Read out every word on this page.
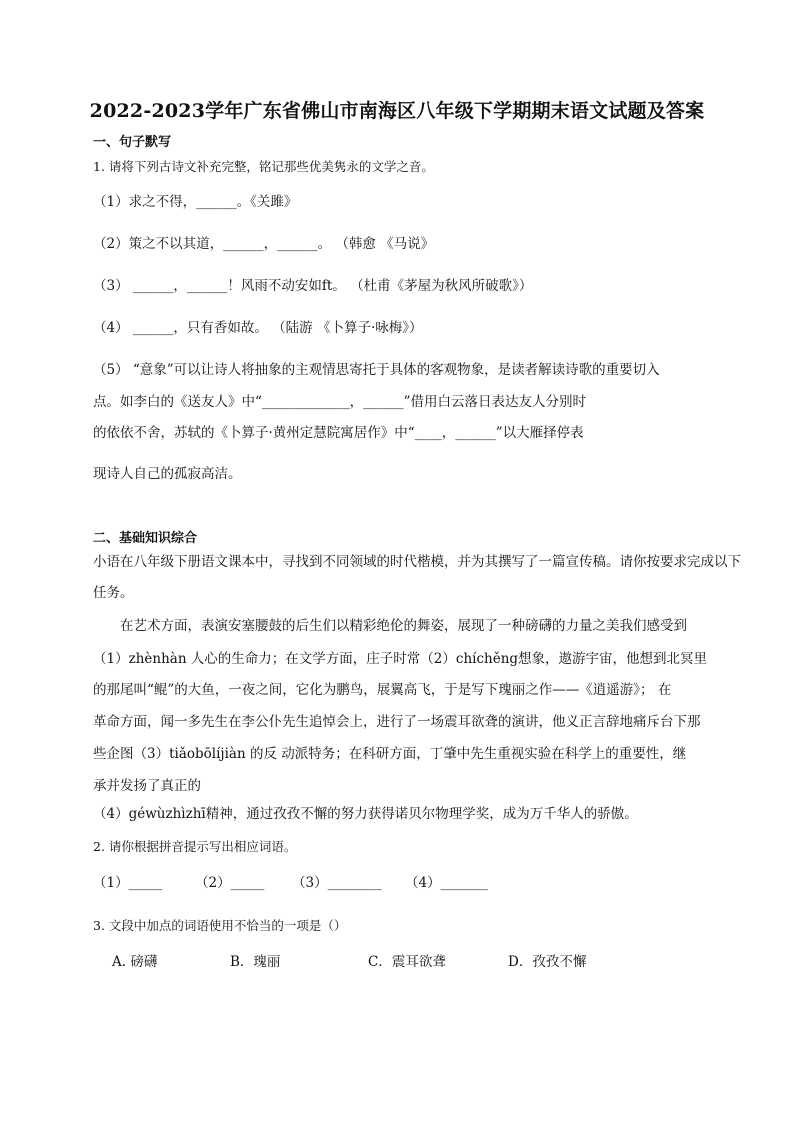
2022-2023学年广东省佛山市南海区八年级下学期期末语文试题及答案
一、句子默写
1. 请将下列古诗文补充完整，铭记那些优美隽永的文学之音。
（1）求之不得，______。《关雎》
（2）策之不以其道，______，______。 （韩愈 《马说》
（3） ______，______！风雨不动安如ft。 （杜甫《茅屋为秋风所破歌》）
（4） ______，只有香如故。 （陆游 《卜算子·咏梅》）
（5） “意象”可以让诗人将抽象的主观情思寄托于具体的客观物象，是读者解读诗歌的重要切入
点。如李白的《送友人》中“_____________，______”借用白云落日表达友人分别时
的依依不舍，苏轼的《卜算子·黄州定慧院寓居作》中“____，______”以大雁择停表
现诗人自己的孤寂高洁。
二、基础知识综合
小语在八年级下册语文课本中，寻找到不同领域的时代楷模，并为其撰写了一篇宣传稿。请你按要求完成以下
任务。
在艺术方面，表演安塞腰鼓的后生们以精彩绝伦的舞姿，展现了一种磅礴的力量之美我们感受到
（1）zhènhàn 人心的生命力；在文学方面，庄子时常（2）chíchěng想象，遨游宇宙，他想到北冥里
的那尾叫“鲲”的大鱼，一夜之间，它化为鹏鸟，展翼高飞，于是写下瑰丽之作——《逍遥游》； 在
革命方面，闻一多先生在李公仆先生追悼会上，进行了一场震耳欲聋的演讲，他义正言辞地痛斥台下那
些企图（3）tiǎobōlíjiàn 的反 动派特务；在科研方面，丁肇中先生重视实验在科学上的重要性，继
承并发扬了真正的
（4）géwùzhìzhī精神，通过孜孜不懈的努力获得诺贝尔物理学奖，成为万千华人的骄傲。
2. 请你根据拼音提示写出相应词语。
（1）_____ （2）_____ （3）________ （4）_______
3. 文段中加点的词语使用不恰当的一项是（）
A. 磅礴	B．瑰丽	C．震耳欲聋	D．孜孜不懈
